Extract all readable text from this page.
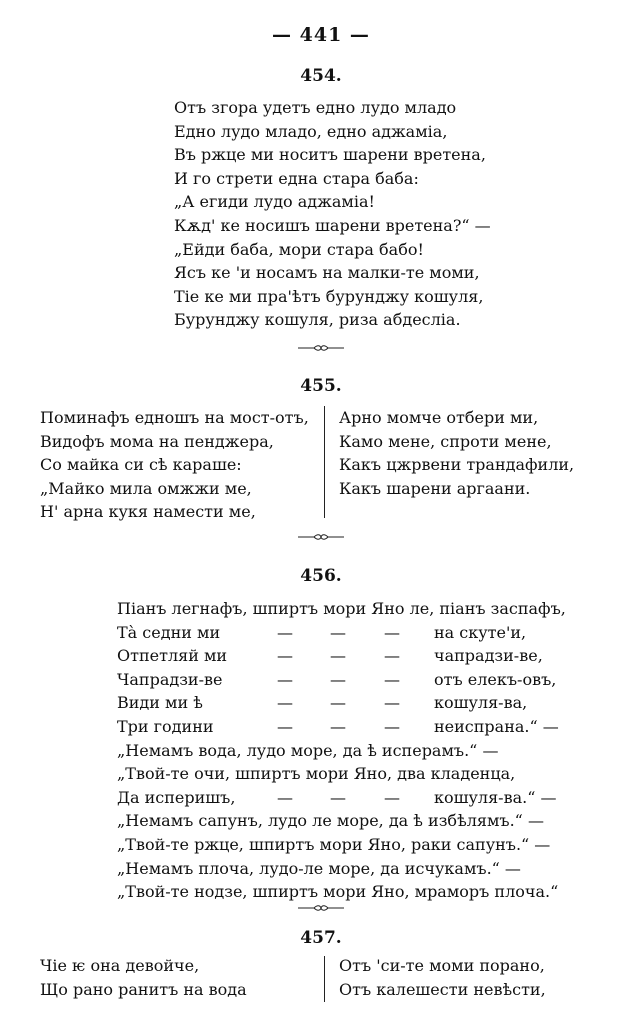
— 441 —
454.
Отъ згора удетъ едно лудо младо
Едно лудо младо, едно аджамiа,
Въ ржце ми носитъ шарени вретена,
И го стрети една стара баба:
„А егиди лудо аджамiа!
Кѫд' ке носишъ шарени вретена?“ —
„Ейди баба, мори стара бабо!
Ясъ ке 'и носамъ на малки-те моми,
Тiе ке ми пра'ѣтъ бурунджу кошуля,
Бурунджу кошуля, риза абдеслiа.
455.
Поминафъ едношъ на мост-отъ,
Видофъ мома на пенджера,
Со майка си сѣ караше:
„Майко мила омжжи ме,
Н' арна кукя намести ме,
Арно момче отбери ми,
Камо мене, спроти мене,
Какъ цжрвени трандафили,
Какъ шарени аргаани.
456.
Пiанъ легнафъ, шпиртъ мори Яно ле, пiанъ заспафъ,
Тà седни ми	— — — на скуте'и,
Отпетляй ми	— — — чапрадзи-ве,
Чапрадзи-ве	— — — отъ елекъ-овъ,
Види ми ѣ	— — — кошуля-ва,
Три години	— — — неиспрана.“ —
„Немамъ вода, лудо море, да ѣ исперамъ.“ —
„Твой-те очи, шпиртъ мори Яно, два кладенца,
Да исперишъ,	— — — кошуля-ва.“ —
„Немамъ сапунъ, лудо ле море, да ѣ избѣлямъ.“ —
„Твой-те ржце, шпиртъ мори Яно, раки сапунъ.“ —
„Немамъ плоча, лудо-ле море, да исчукамъ.“ —
„Твой-те нодзе, шпиртъ мори Яно, мраморъ плоча.“
457.
Чiе ѥ она девойче,
Що рано ранитъ на вода
Отъ 'си-те моми порано,
Отъ калешести невѣсти,
